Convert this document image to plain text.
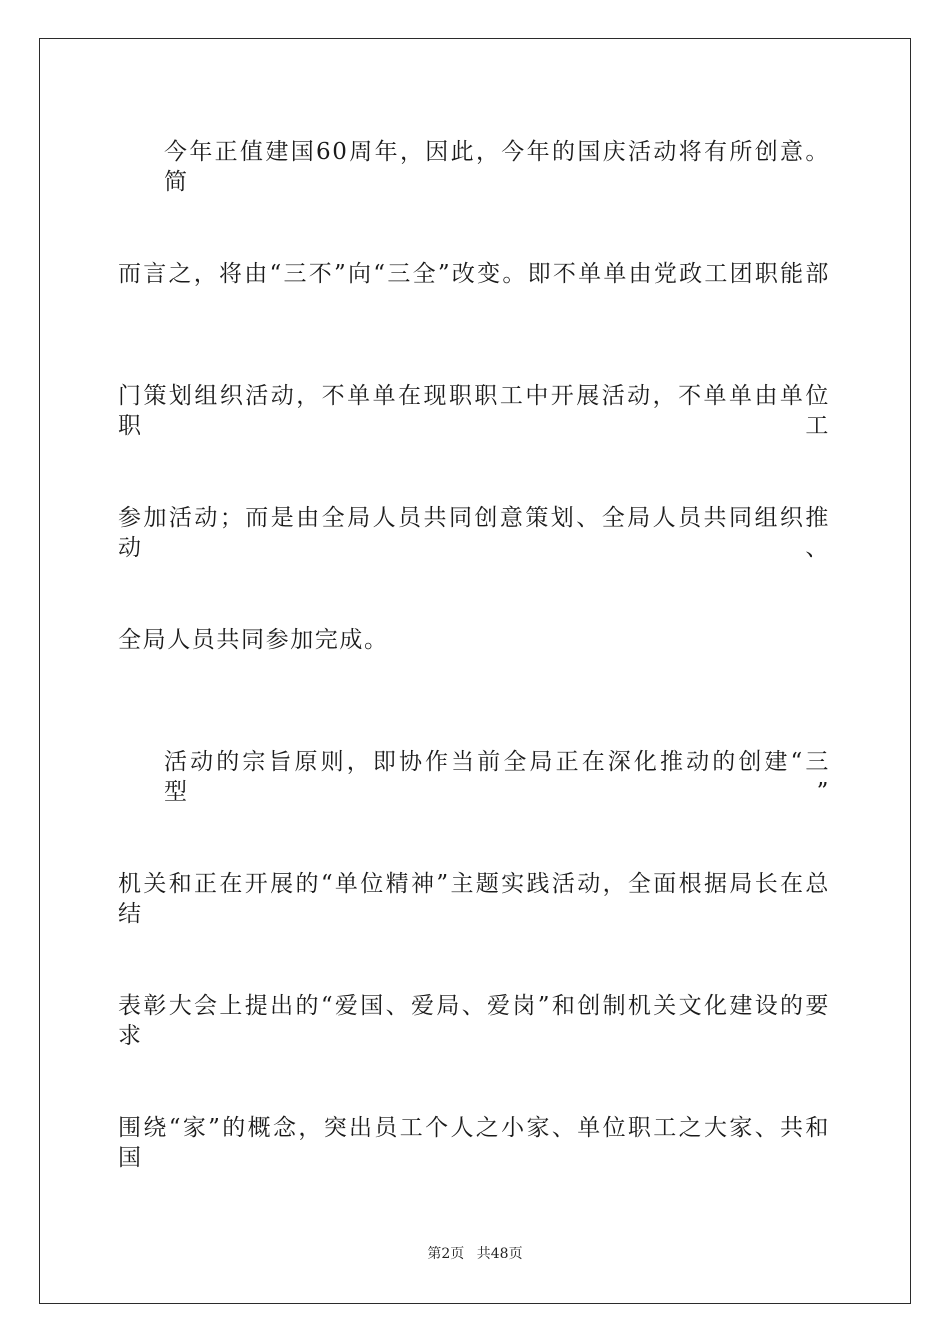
今年正值建国60周年，因此，今年的国庆活动将有所创意。简
而言之，将由“三不”向“三全”改变。即不单单由党政工团职能部
门策划组织活动，不单单在现职职工中开展活动，不单单由单位职工
参加活动；而是由全局人员共同创意策划、全局人员共同组织推动、
全局人员共同参加完成。
活动的宗旨原则，即协作当前全局正在深化推动的创建“三型”
机关和正在开展的“单位精神”主题实践活动，全面根据局长在总结
表彰大会上提出的“爱国、爱局、爱岗”和创制机关文化建设的要求
围绕“家”的概念，突出员工个人之小家、单位职工之大家、共和国
第2页 共48页
